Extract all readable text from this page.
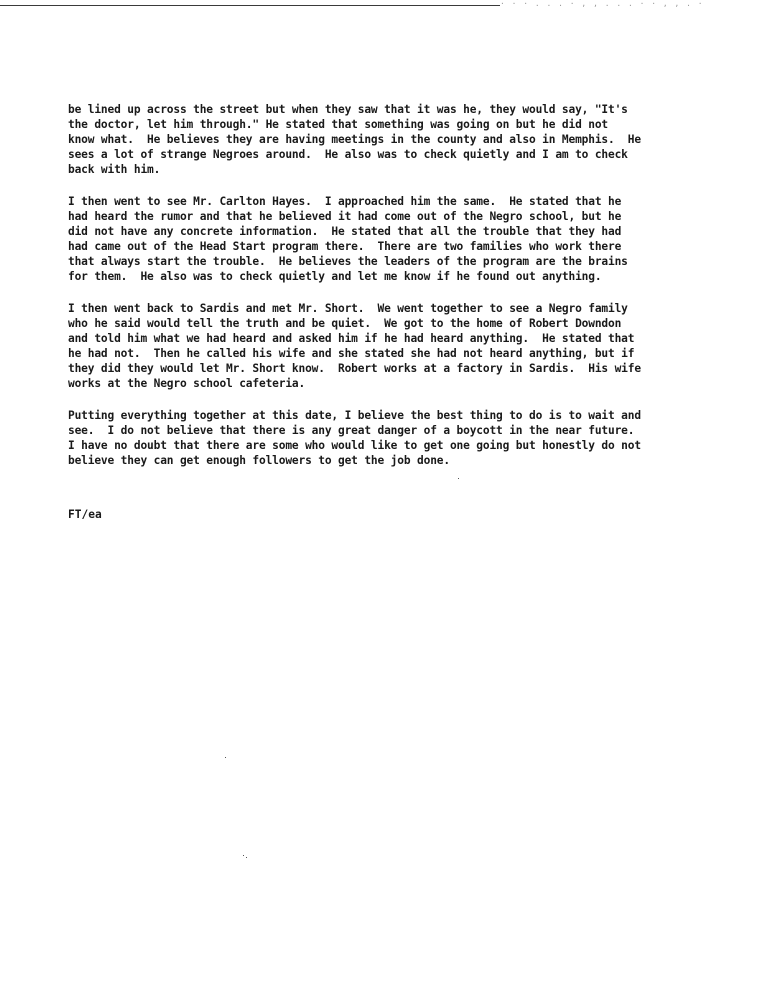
· · · . . . · , , . . . · · , , . ·
be lined up across the street but when they saw that it was he, they would say, "It's
the doctor, let him through." He stated that something was going on but he did not
know what.  He believes they are having meetings in the county and also in Memphis.  He
sees a lot of strange Negroes around.  He also was to check quietly and I am to check
back with him.
I then went to see Mr. Carlton Hayes.  I approached him the same.  He stated that he
had heard the rumor and that he believed it had come out of the Negro school, but he
did not have any concrete information.  He stated that all the trouble that they had
had came out of the Head Start program there.  There are two families who work there
that always start the trouble.  He believes the leaders of the program are the brains
for them.  He also was to check quietly and let me know if he found out anything.
I then went back to Sardis and met Mr. Short.  We went together to see a Negro family
who he said would tell the truth and be quiet.  We got to the home of Robert Downdon
and told him what we had heard and asked him if he had heard anything.  He stated that
he had not.  Then he called his wife and she stated she had not heard anything, but if
they did they would let Mr. Short know.  Robert works at a factory in Sardis.  His wife
works at the Negro school cafeteria.
Putting everything together at this date, I believe the best thing to do is to wait and
see.  I do not believe that there is any great danger of a boycott in the near future.
I have no doubt that there are some who would like to get one going but honestly do not
believe they can get enough followers to get the job done.
FT/ea
